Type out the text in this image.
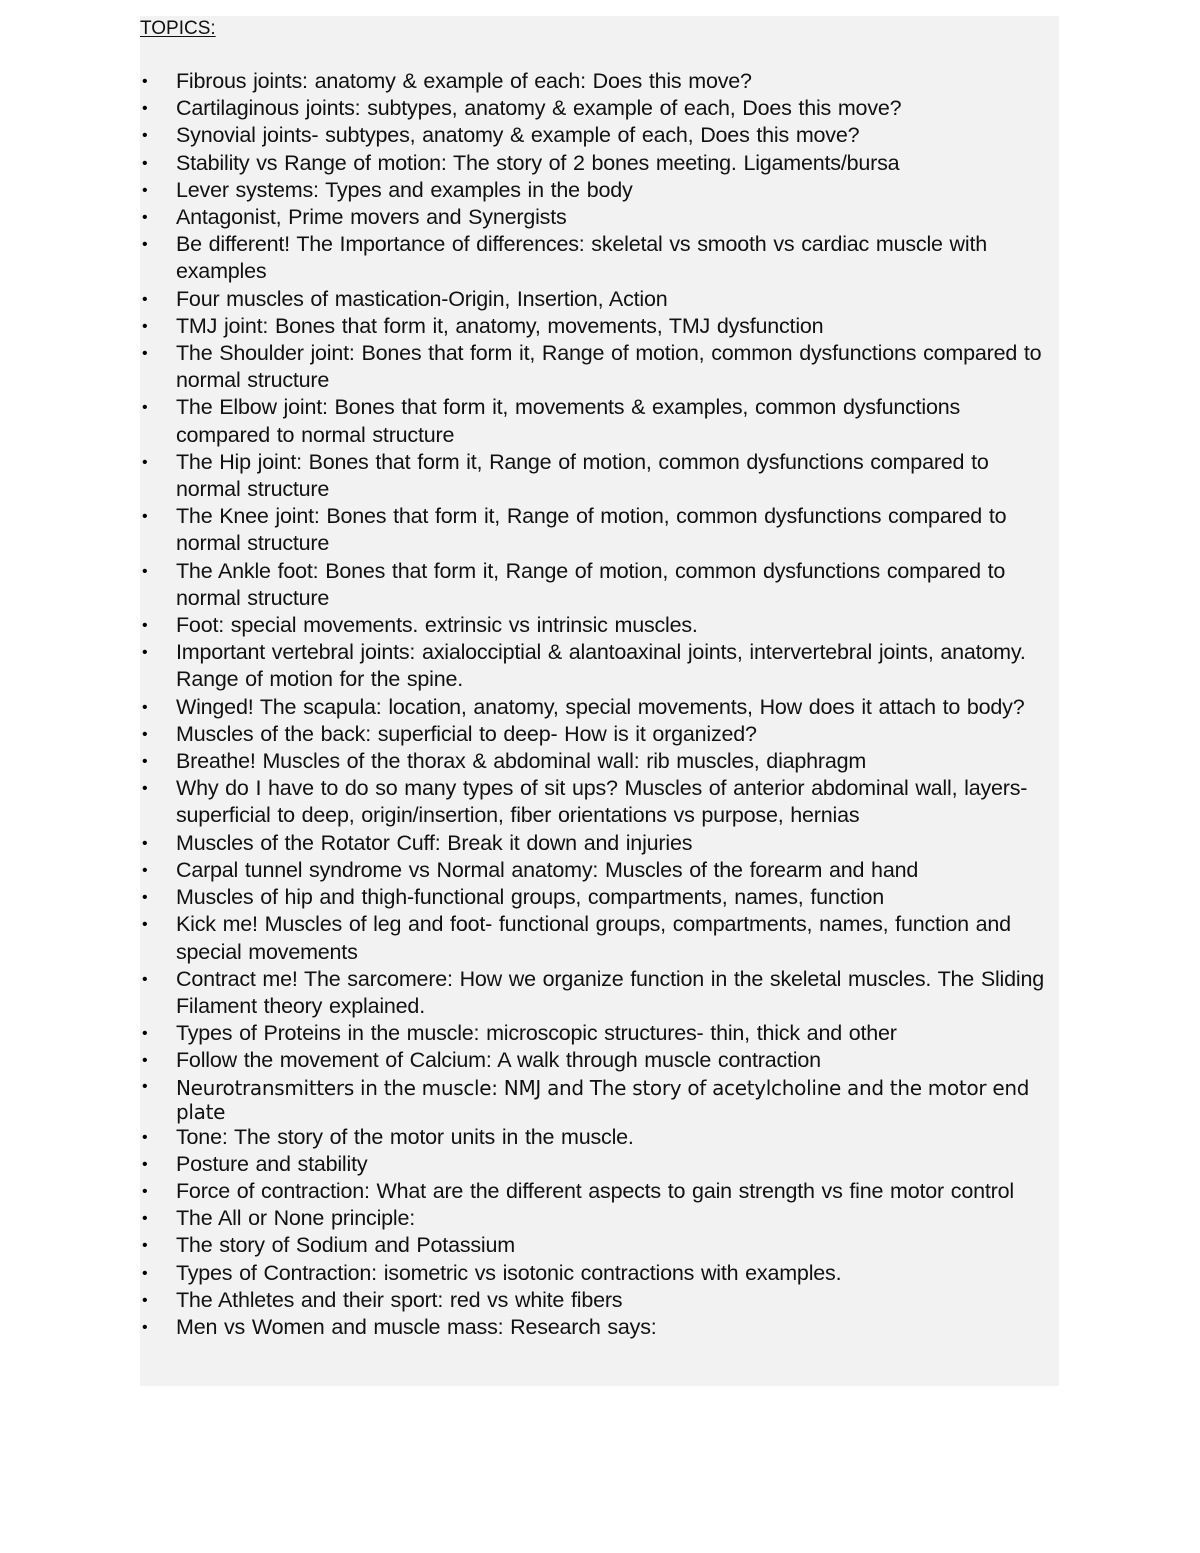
TOPICS:
• Fibrous joints: anatomy & example of each: Does this move?
• Cartilaginous joints: subtypes, anatomy & example of each, Does this move?
• Synovial joints- subtypes, anatomy & example of each, Does this move?
• Stability vs Range of motion: The story of 2 bones meeting. Ligaments/bursa
• Lever systems: Types and examples in the body
• Antagonist, Prime movers and Synergists
• Be different! The Importance of differences: skeletal vs smooth vs cardiac muscle with examples
• Four muscles of mastication-Origin, Insertion, Action
• TMJ joint: Bones that form it, anatomy, movements, TMJ dysfunction
• The Shoulder joint: Bones that form it, Range of motion, common dysfunctions compared to normal structure
• The Elbow joint: Bones that form it, movements & examples, common dysfunctions compared to normal structure
• The Hip joint: Bones that form it, Range of motion, common dysfunctions compared to normal structure
• The Knee joint: Bones that form it, Range of motion, common dysfunctions compared to normal structure
• The Ankle foot: Bones that form it, Range of motion, common dysfunctions compared to normal structure
• Foot: special movements. extrinsic vs intrinsic muscles.
• Important vertebral joints: axialocciptial & alantoaxinal joints, intervertebral joints, anatomy. Range of motion for the spine.
• Winged! The scapula: location, anatomy, special movements, How does it attach to body?
• Muscles of the back: superficial to deep- How is it organized?
• Breathe! Muscles of the thorax & abdominal wall: rib muscles, diaphragm
• Why do I have to do so many types of sit ups? Muscles of anterior abdominal wall, layers-superficial to deep, origin/insertion, fiber orientations vs purpose, hernias
• Muscles of the Rotator Cuff: Break it down and injuries
• Carpal tunnel syndrome vs Normal anatomy: Muscles of the forearm and hand
• Muscles of hip and thigh-functional groups, compartments, names, function
• Kick me! Muscles of leg and foot- functional groups, compartments, names, function and special movements
• Contract me! The sarcomere: How we organize function in the skeletal muscles. The Sliding Filament theory explained.
• Types of Proteins in the muscle: microscopic structures- thin, thick and other
• Follow the movement of Calcium: A walk through muscle contraction
• Neurotransmitters in the muscle: NMJ and The story of acetylcholine and the motor end plate
• Tone: The story of the motor units in the muscle.
• Posture and stability
• Force of contraction: What are the different aspects to gain strength vs fine motor control
• The All or None principle:
• The story of Sodium and Potassium
• Types of Contraction: isometric vs isotonic contractions with examples.
• The Athletes and their sport: red vs white fibers
• Men vs Women and muscle mass: Research says:
